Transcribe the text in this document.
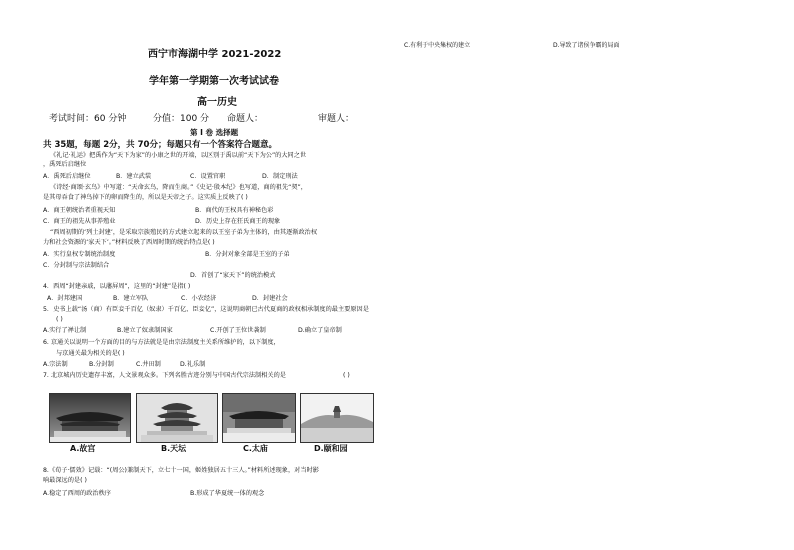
C.有利于中央集权的建立	D.导致了诸侯争霸的局面
西宁市海湖中学 2021-2022
学年第一学期第一次考试试卷
高一历史
考试时间：60 分钟	分值：100 分 命题人：	审题人：
第 I 卷 选择题
共 35题，每题 2分，共 70分；每题只有一个答案符合题意。
《礼记·礼运》把禹作为“天下为家”的小康之世的开端，以区别于禹以前“天下为公”的大同之世
，禹死后启继位
A．禹死后启继位	B．建立武装	C．设置官职	D．制定刑法
《诗经·商颂·玄鸟》中写道：“天命玄鸟，降而生商。”《史记·殷本纪》也写道，商的祖先“契”，
是其母吞食了神鸟掉下的卵而降生的，所以是天帝之子。这实质上反映了( )
A．商王朝统治者重视天知	B．商代的王权具有神秘色彩
C．商王的祖先从事养殖业	D．历史上存在狂氏商王的现象
“西周初期的‘列土封建’，是采取宗族殖民的方式建立起来的以王室子弟为主体的，由其逐渐政治权
力和社会资源的‘家天下’。”材料反映了西周时期的统治特点是( )
A．实行皇权专制统治制度	B．分封对象全部是王室的子弟
C．分封制与宗法制结合
D．首创了“家天下”的统治模式
4．西周“封建亲戚，以藩屏周”，这里的“封建”是指( )
A．封邦建国	B．建立军队	C．小农经济	D．封建社会
5．史书上载“汤（商）有臣妾千百亿（奴隶）千百亿、臣妾亿”，这说明商朝已古代夏商的政权相承制度的最主要原因是
( )
A.实行了禅让制	B.建立了奴隶制国家	C.开创了王位世袭制	D.确立了皇帝制
6. 京通关以说明一个方面的目的与方法就是是由宗法制度主关系所维护的，以下制度，
与京通关最为相关的是( )
A.宗法制	B.分封制	C.井田制	D.礼乐制
7. 北京城内历史遗存丰富，人文景观众多。下列名胜古迹分别与中国古代宗法制相关的是	( )
A.故宫	B.天坛	C.太庙	D.颐和园
8.《荀子·儒效》记载：“(周公)兼制天下，立七十一国，姬姓独居五十三人。”材料所述现象，对当时影
响最深远的是( )
A.稳定了西周的政治秩序	B.形成了华夏统一体的观念
